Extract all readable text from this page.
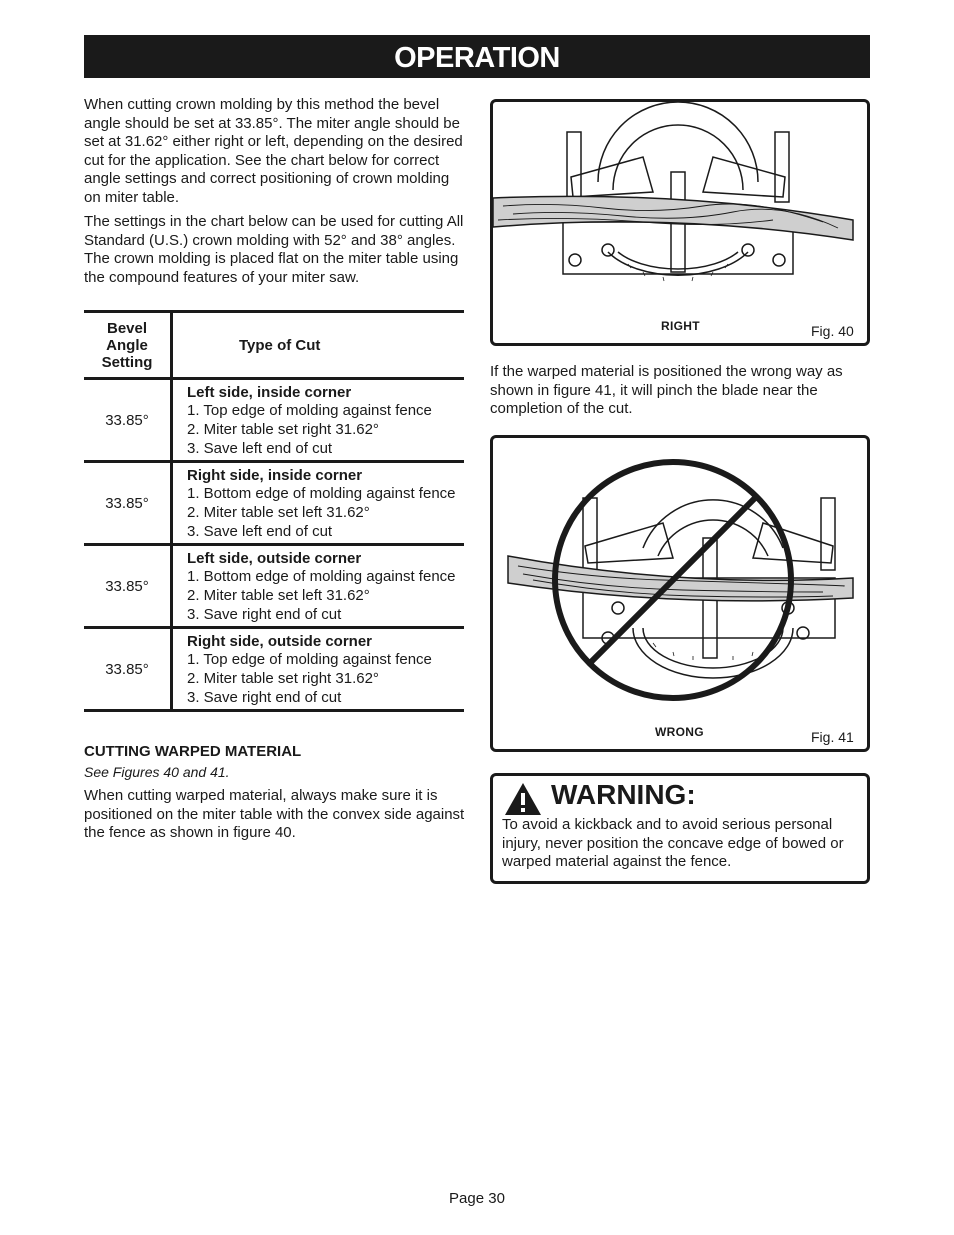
OPERATION

When cutting crown molding by this method the bevel angle should be set at 33.85°. The miter angle should be set at 31.62° either right or left, depending on the desired cut for the application. See the chart below for correct angle settings and correct positioning of crown molding on miter table.

The settings in the chart below can be used for cutting All Standard (U.S.) crown molding with 52° and 38° angles. The crown molding is placed flat on the miter table using the compound features of your miter saw.

Bevel
Angle
Setting	Type of Cut
33.85°	Left side, inside corner
1. Top edge of molding against fence
2. Miter table set right 31.62°
3. Save left end of cut

33.85°	Right side, inside corner
1. Bottom edge of molding against fence
2. Miter table set left 31.62°
3. Save left end of cut

33.85°	Left side, outside corner
1. Bottom edge of molding against fence
2. Miter table set left 31.62°
3. Save right end of cut

33.85°	Right side, outside corner
1. Top edge of molding against fence
2. Miter table set right 31.62°
3. Save right end of cut
CUTTING WARPED MATERIAL
See Figures 40 and 41.

When cutting warped material, always make sure it is positioned on the miter table with the convex side against the fence as shown in figure 40.

RIGHT	Fig. 40

If the warped material is positioned the wrong way as shown in figure 41, it will pinch the blade near the completion of the cut.

WRONG	Fig. 41
WARNING:

To avoid a kickback and to avoid serious personal injury, never position the concave edge of bowed or warped material against the fence.

Page 30
